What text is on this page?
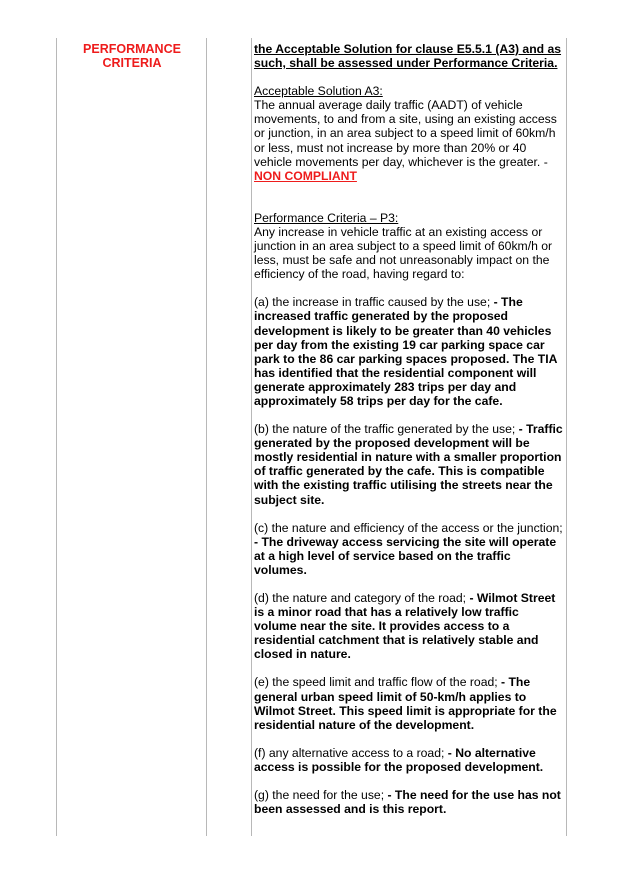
PERFORMANCE CRITERIA

the Acceptable Solution for clause E5.5.1 (A3) and as such, shall be assessed under Performance Criteria.

Acceptable Solution A3:

The annual average daily traffic (AADT) of vehicle movements, to and from a site, using an existing access or junction, in an area subject to a speed limit of 60km/h or less, must not increase by more than 20% or 40 vehicle movements per day, whichever is the greater. -

NON COMPLIANT

Performance Criteria – P3:

Any increase in vehicle traffic at an existing access or junction in an area subject to a speed limit of 60km/h or less, must be safe and not unreasonably impact on the efficiency of the road, having regard to:

(a) the increase in traffic caused by the use; - The increased traffic generated by the proposed development is likely to be greater than 40 vehicles per day from the existing 19 car parking space car park to the 86 car parking spaces proposed. The TIA has identified that the residential component will generate approximately 283 trips per day and approximately 58 trips per day for the cafe.

(b) the nature of the traffic generated by the use; - Traffic generated by the proposed development will be mostly residential in nature with a smaller proportion of traffic generated by the cafe. This is compatible with the existing traffic utilising the streets near the subject site.

(c) the nature and efficiency of the access or the junction; - The driveway access servicing the site will operate at a high level of service based on the traffic volumes.

(d) the nature and category of the road; - Wilmot Street is a minor road that has a relatively low traffic volume near the site. It provides access to a residential catchment that is relatively stable and closed in nature.

(e) the speed limit and traffic flow of the road; - The general urban speed limit of 50-km/h applies to Wilmot Street. This speed limit is appropriate for the residential nature of the development.

(f) any alternative access to a road; - No alternative access is possible for the proposed development.

(g) the need for the use; - The need for the use has not been assessed and is this report.
